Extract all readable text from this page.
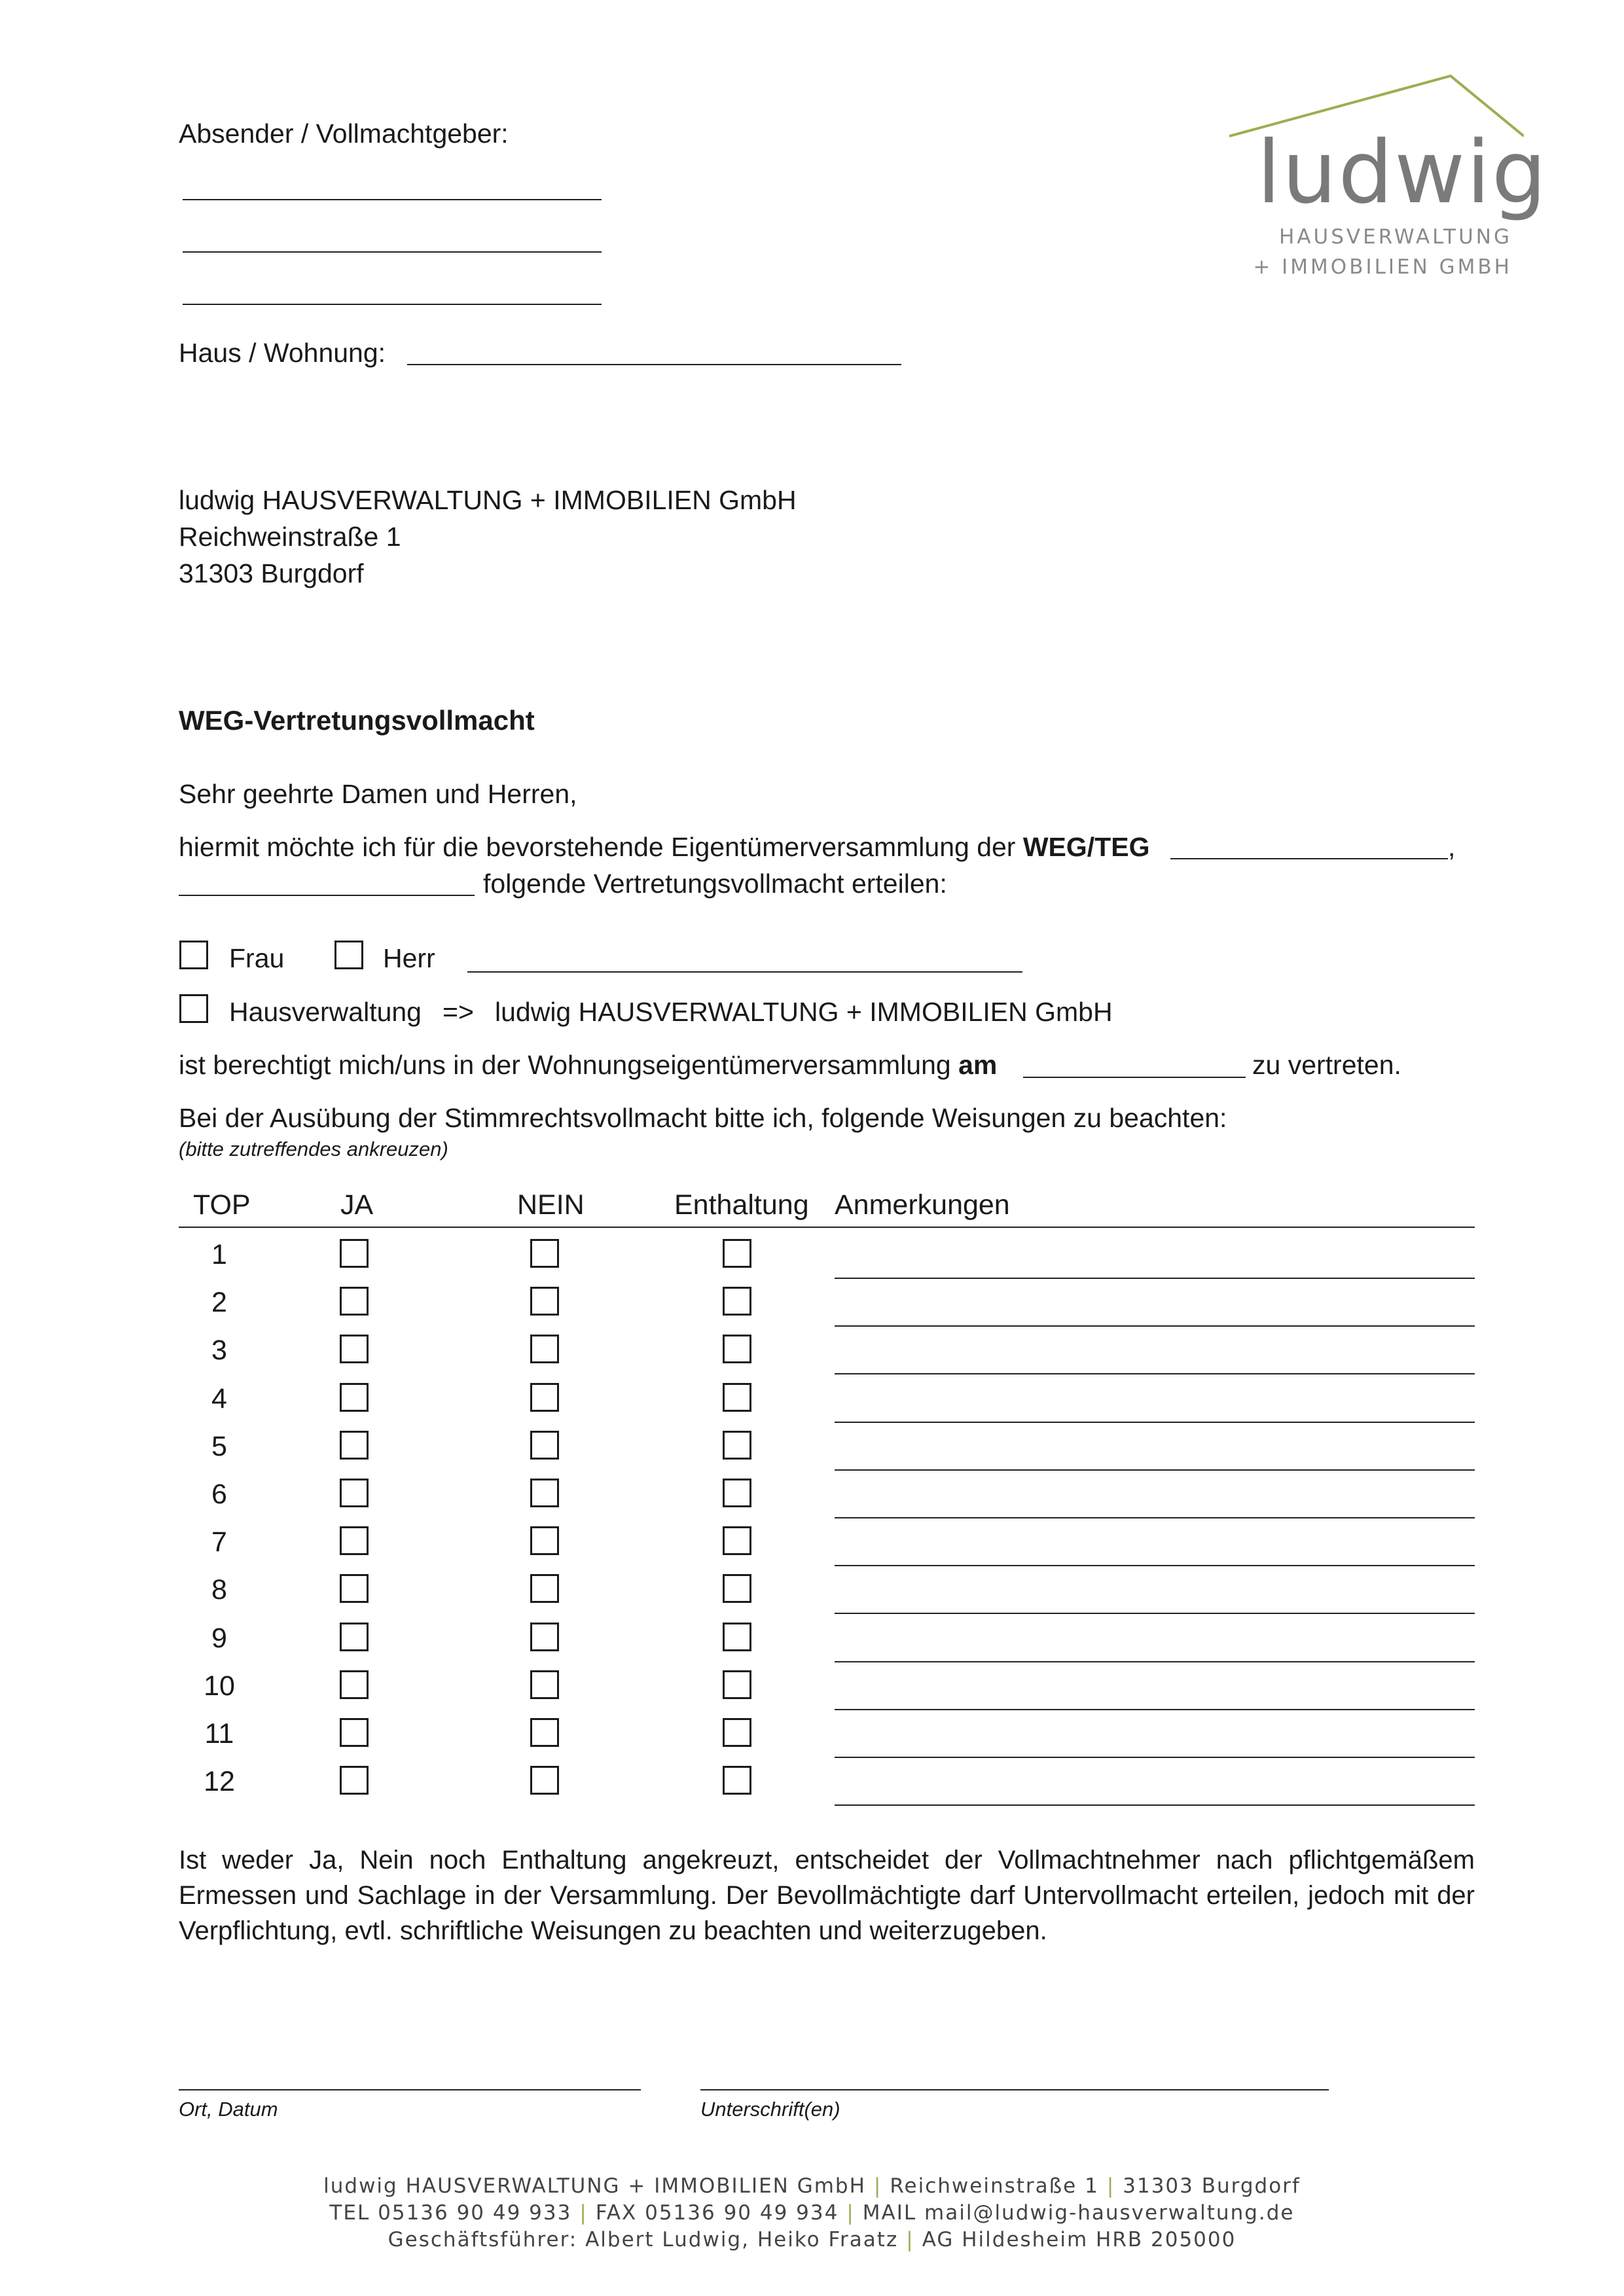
ludwig
HAUSVERWALTUNG
+ IMMOBILIEN GMBH
Absender / Vollmachtgeber:
Haus / Wohnung:
ludwig HAUSVERWALTUNG + IMMOBILIEN GmbH
Reichweinstraße 1
31303 Burgdorf
WEG-Vertretungsvollmacht
Sehr geehrte Damen und Herren,
hiermit möchte ich für die bevorstehende Eigentümerversammlung der WEG/TEG	,
folgende Vertretungsvollmacht erteilen:
Frau	Herr
Hausverwaltung => ludwig HAUSVERWALTUNG + IMMOBILIEN GmbH
ist berechtigt mich/uns in der Wohnungseigentümerversammlung am	zu vertreten.
Bei der Ausübung der Stimmrechtsvollmacht bitte ich, folgende Weisungen zu beachten:
(bitte zutreffendes ankreuzen)
TOP	JA	NEIN	Enthaltung Anmerkungen
1
2
3
4
5
6
7
8
9
10
11
12
Ist weder Ja, Nein noch Enthaltung angekreuzt, entscheidet der Vollmachtnehmer nach pflichtgemäßem Ermessen und Sachlage in der Versammlung. Der Bevollmächtigte darf Untervollmacht erteilen, jedoch mit der Verpflichtung, evtl. schriftliche Weisungen zu beachten und weiterzugeben.
Ort, Datum	Unterschrift(en)
ludwig HAUSVERWALTUNG + IMMOBILIEN GmbH | Reichweinstraße 1 | 31303 Burgdorf
TEL 05136 90 49 933 | FAX 05136 90 49 934 | MAIL mail@ludwig-hausverwaltung.de
Geschäftsführer: Albert Ludwig, Heiko Fraatz | AG Hildesheim HRB 205000
